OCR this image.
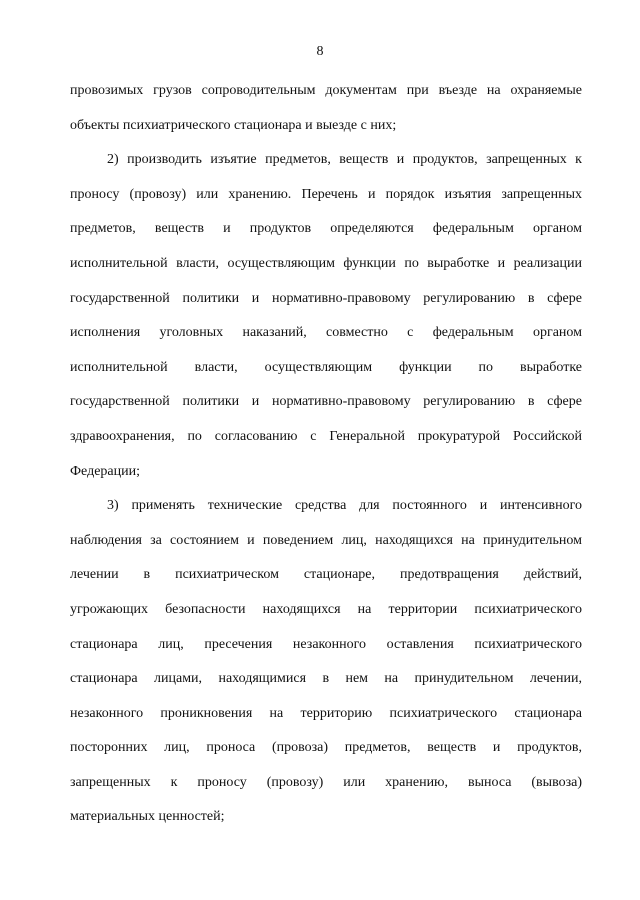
8

провозимых грузов сопроводительным документам при въезде на охраняемые
объекты психиатрического стационара и выезде с них;

2) производить изъятие предметов, веществ и продуктов, запрещенных к
проносу (провозу) или хранению. Перечень и порядок изъятия запрещенных
предметов, веществ и продуктов определяются федеральным органом
исполнительной власти, осуществляющим функции по выработке и реализации
государственной политики и нормативно-правовому регулированию в сфере
исполнения уголовных наказаний, совместно с федеральным органом
исполнительной власти, осуществляющим функции по выработке
государственной политики и нормативно-правовому регулированию в сфере
здравоохранения, по согласованию с Генеральной прокуратурой Российской
Федерации;

3) применять технические средства для постоянного и интенсивного
наблюдения за состоянием и поведением лиц, находящихся на принудительном
лечении в психиатрическом стационаре, предотвращения действий,
угрожающих безопасности находящихся на территории психиатрического
стационара лиц, пресечения незаконного оставления психиатрического
стационара лицами, находящимися в нем на принудительном лечении,
незаконного проникновения на территорию психиатрического стационара
посторонних лиц, проноса (провоза) предметов, веществ и продуктов,
запрещенных к проносу (провозу) или хранению, выноса (вывоза)
материальных ценностей;
